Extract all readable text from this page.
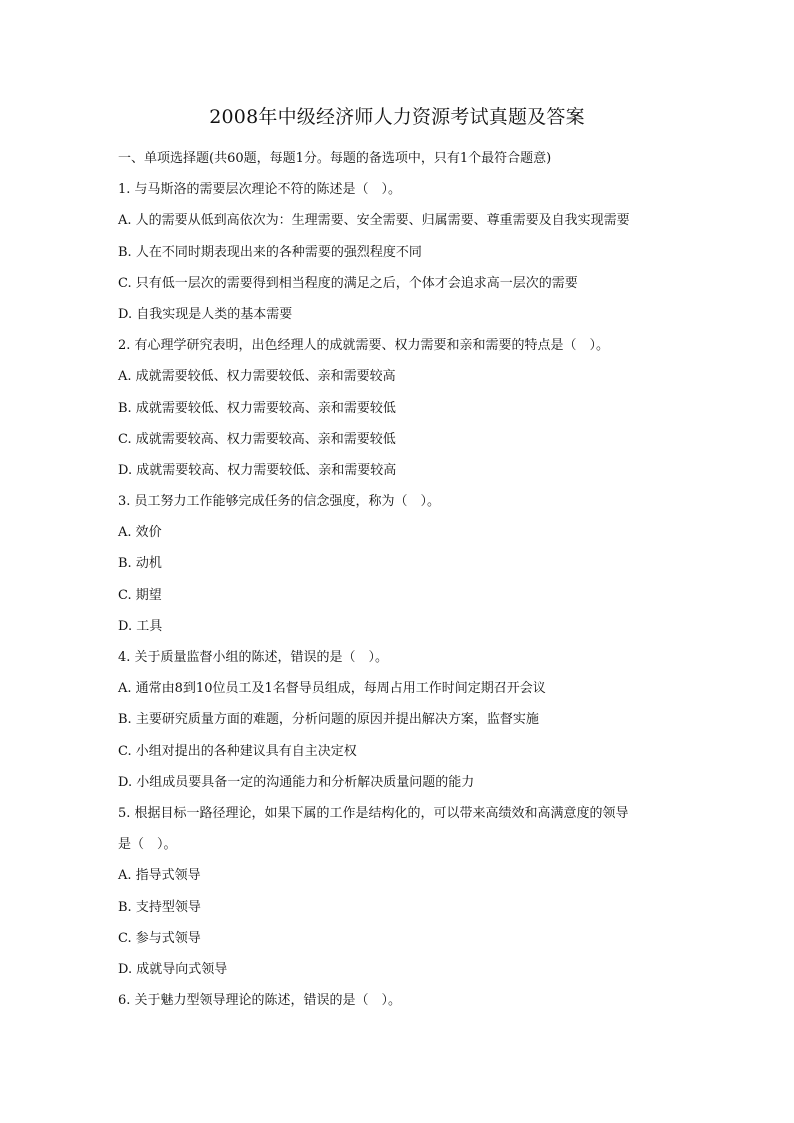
2008年中级经济师人力资源考试真题及答案

一、单项选择题(共60题，每题1分。每题的备选项中，只有1个最符合题意)

1. 与马斯洛的需要层次理论不符的陈述是（　）。

A. 人的需要从低到高依次为：生理需要、安全需要、归属需要、尊重需要及自我实现需要

B. 人在不同时期表现出来的各种需要的强烈程度不同

C. 只有低一层次的需要得到相当程度的满足之后，个体才会追求高一层次的需要

D. 自我实现是人类的基本需要

2. 有心理学研究表明，出色经理人的成就需要、权力需要和亲和需要的特点是（　）。

A. 成就需要较低、权力需要较低、亲和需要较高

B. 成就需要较低、权力需要较高、亲和需要较低

C. 成就需要较高、权力需要较高、亲和需要较低

D. 成就需要较高、权力需要较低、亲和需要较高

3. 员工努力工作能够完成任务的信念强度，称为（　）。

A. 效价

B. 动机

C. 期望

D. 工具

4. 关于质量监督小组的陈述，错误的是（　）。

A. 通常由8到10位员工及1名督导员组成，每周占用工作时间定期召开会议

B. 主要研究质量方面的难题，分析问题的原因并提出解决方案，监督实施

C. 小组对提出的各种建议具有自主决定权

D. 小组成员要具备一定的沟通能力和分析解决质量问题的能力

5. 根据目标一路径理论，如果下属的工作是结构化的，可以带来高绩效和高满意度的领导

是（　）。

A. 指导式领导

B. 支持型领导

C. 参与式领导

D. 成就导向式领导

6. 关于魅力型领导理论的陈述，错误的是（　）。
